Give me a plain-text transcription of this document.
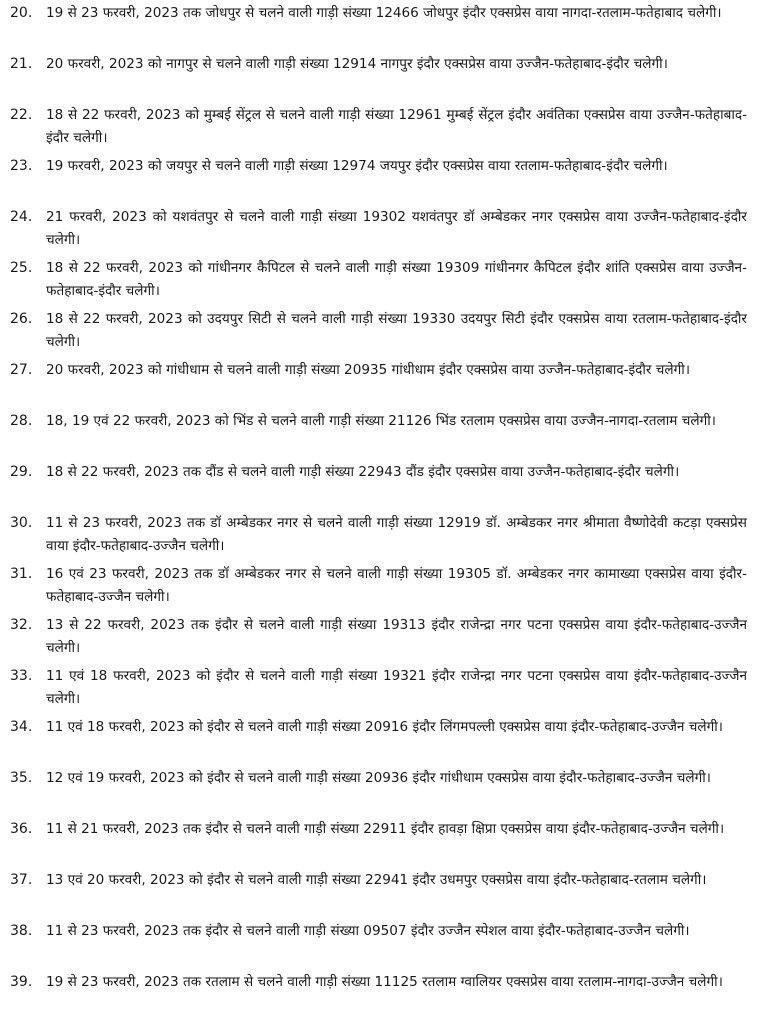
20.	19 से 23 फरवरी, 2023 तक जोधपुर से चलने वाली गाड़ी संख्या 12466 जोधपुर इंदौर एक्सप्रेस वाया नागदा-रतलाम-फतेहाबाद चलेगी।

21.	20 फरवरी, 2023 को नागपुर से चलने वाली गाड़ी संख्या 12914 नागपुर इंदौर एक्सप्रेस वाया उज्जैन-फतेहाबाद-इंदौर चलेगी।

22.	18 से 22 फरवरी, 2023 को मुम्बई सेंट्रल से चलने वाली गाड़ी संख्या 12961 मुम्बई सेंट्रल इंदौर अवंतिका एक्सप्रेस वाया उज्जैन-फतेहाबाद-इंदौर चलेगी।

23.	19 फरवरी, 2023 को जयपुर से चलने वाली गाड़ी संख्या 12974 जयपुर इंदौर एक्सप्रेस वाया रतलाम-फतेहाबाद-इंदौर चलेगी।

24.	21 फरवरी, 2023 को यशवंतपुर से चलने वाली गाड़ी संख्या 19302 यशवंतपुर डॉ अम्बेडकर नगर एक्सप्रेस वाया उज्जैन-फतेहाबाद-इंदौर चलेगी।

25.	18 से 22 फरवरी, 2023 को गांधीनगर कैपिटल से चलने वाली गाड़ी संख्या 19309 गांधीनगर कैपिटल इंदौर शांति एक्सप्रेस वाया उज्जैन-फतेहाबाद-इंदौर चलेगी।

26.	18 से 22 फरवरी, 2023 को उदयपुर सिटी से चलने वाली गाड़ी संख्या 19330 उदयपुर सिटी इंदौर एक्सप्रेस वाया रतलाम-फतेहाबाद-इंदौर चलेगी।

27.	20 फरवरी, 2023 को गांधीधाम से चलने वाली गाड़ी संख्या 20935 गांधीधाम इंदौर एक्सप्रेस वाया उज्जैन-फतेहाबाद-इंदौर चलेगी।

28.	18, 19 एवं 22 फरवरी, 2023 को भिंड से चलने वाली गाड़ी संख्या 21126 भिंड रतलाम एक्सप्रेस वाया उज्जैन-नागदा-रतलाम चलेगी।

29.	18 से 22 फरवरी, 2023 तक दौंड से चलने वाली गाड़ी संख्या 22943 दौंड इंदौर एक्सप्रेस वाया उज्जैन-फतेहाबाद-इंदौर चलेगी।

30.	11 से 23 फरवरी, 2023 तक डॉ अम्बेडकर नगर से चलने वाली गाड़ी संख्या 12919 डॉ. अम्बेडकर नगर श्रीमाता वैष्णोदेवी कटड़ा एक्सप्रेस वाया इंदौर-फतेहाबाद-उज्जैन चलेगी।

31.	16 एवं 23 फरवरी, 2023 तक डॉ अम्बेडकर नगर से चलने वाली गाड़ी संख्या 19305 डॉ. अम्बेडकर नगर कामाख्या एक्सप्रेस वाया इंदौर-फतेहाबाद-उज्जैन चलेगी।

32.	13 से 22 फरवरी, 2023 तक इंदौर से चलने वाली गाड़ी संख्या 19313 इंदौर राजेन्द्रा नगर पटना एक्सप्रेस वाया इंदौर-फतेहाबाद-उज्जैन चलेगी।

33.	11 एवं 18 फरवरी, 2023 को इंदौर से चलने वाली गाड़ी संख्या 19321 इंदौर राजेन्द्रा नगर पटना एक्सप्रेस वाया इंदौर-फतेहाबाद-उज्जैन चलेगी।

34.	11 एवं 18 फरवरी, 2023 को इंदौर से चलने वाली गाड़ी संख्या 20916 इंदौर लिंगमपल्ली एक्सप्रेस वाया इंदौर-फतेहाबाद-उज्जैन चलेगी।

35.	12 एवं 19 फरवरी, 2023 को इंदौर से चलने वाली गाड़ी संख्या 20936 इंदौर गांधीधाम एक्सप्रेस वाया इंदौर-फतेहाबाद-उज्जैन चलेगी।

36.	11 से 21 फरवरी, 2023 तक इंदौर से चलने वाली गाड़ी संख्या 22911 इंदौर हावड़ा क्षिप्रा एक्सप्रेस वाया इंदौर-फतेहाबाद-उज्जैन चलेगी।

37.	13 एवं 20 फरवरी, 2023 को इंदौर से चलने वाली गाड़ी संख्या 22941 इंदौर उधमपुर एक्सप्रेस वाया इंदौर-फतेहाबाद-रतलाम चलेगी।

38.	11 से 23 फरवरी, 2023 तक इंदौर से चलने वाली गाड़ी संख्या 09507 इंदौर उज्जैन स्पेशल वाया इंदौर-फतेहाबाद-उज्जैन चलेगी।

39.	19 से 23 फरवरी, 2023 तक रतलाम से चलने वाली गाड़ी संख्या 11125 रतलाम ग्वालियर एक्सप्रेस वाया रतलाम-नागदा-उज्जैन चलेगी।
